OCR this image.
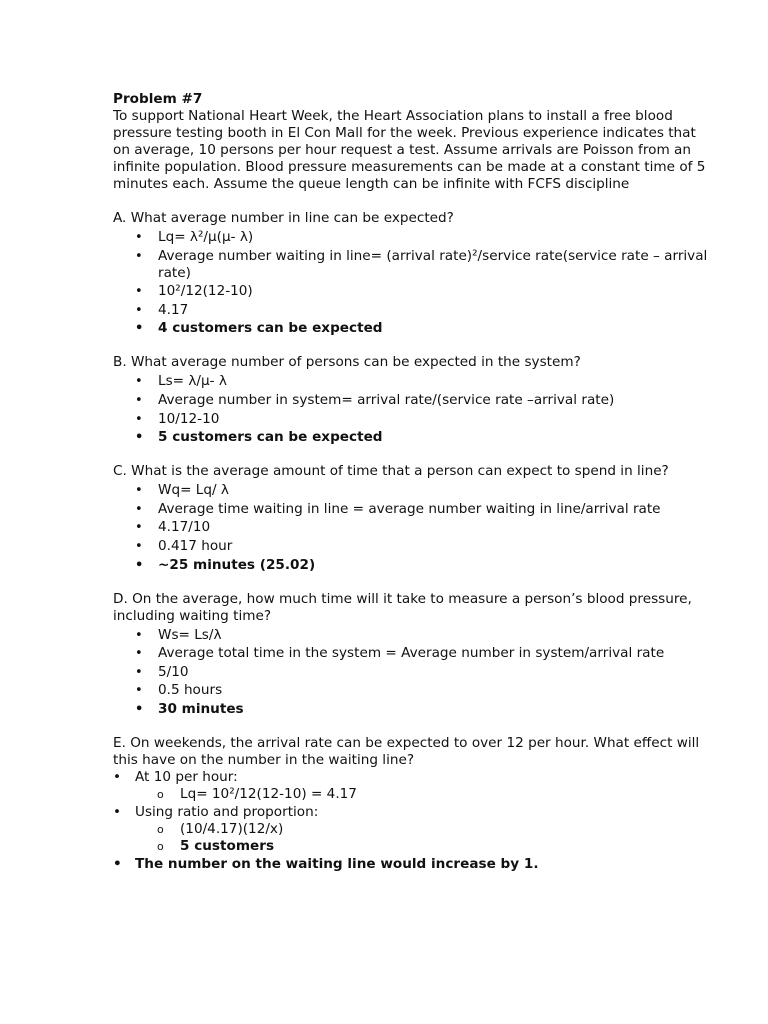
Problem #7

To support National Heart Week, the Heart Association plans to install a free blood pressure testing booth in El Con Mall for the week. Previous experience indicates that on average, 10 persons per hour request a test. Assume arrivals are Poisson from an infinite population. Blood pressure measurements can be made at a constant time of 5 minutes each. Assume the queue length can be infinite with FCFS discipline

A. What average number in line can be expected?

• Lq= λ²/μ(μ- λ)
• Average number waiting in line= (arrival rate)²/service rate(service rate – arrival rate)
• 10²/12(12-10)
• 4.17
• 4 customers can be expected

B. What average number of persons can be expected in the system?

• Ls= λ/μ- λ
• Average number in system= arrival rate/(service rate –arrival rate)
• 10/12-10
• 5 customers can be expected

C. What is the average amount of time that a person can expect to spend in line?

• Wq= Lq/ λ
• Average time waiting in line = average number waiting in line/arrival rate
• 4.17/10
• 0.417 hour
• ~25 minutes (25.02)

D. On the average, how much time will it take to measure a person’s blood pressure, including waiting time?

• Ws= Ls/λ
• Average total time in the system = Average number in system/arrival rate
• 5/10
• 0.5 hours
• 30 minutes

E. On weekends, the arrival rate can be expected to over 12 per hour. What effect will this have on the number in the waiting line?

• At 10 per hour:
o Lq= 10²/12(12-10) = 4.17
• Using ratio and proportion:
o (10/4.17)(12/x)
o 5 customers
• The number on the waiting line would increase by 1.
